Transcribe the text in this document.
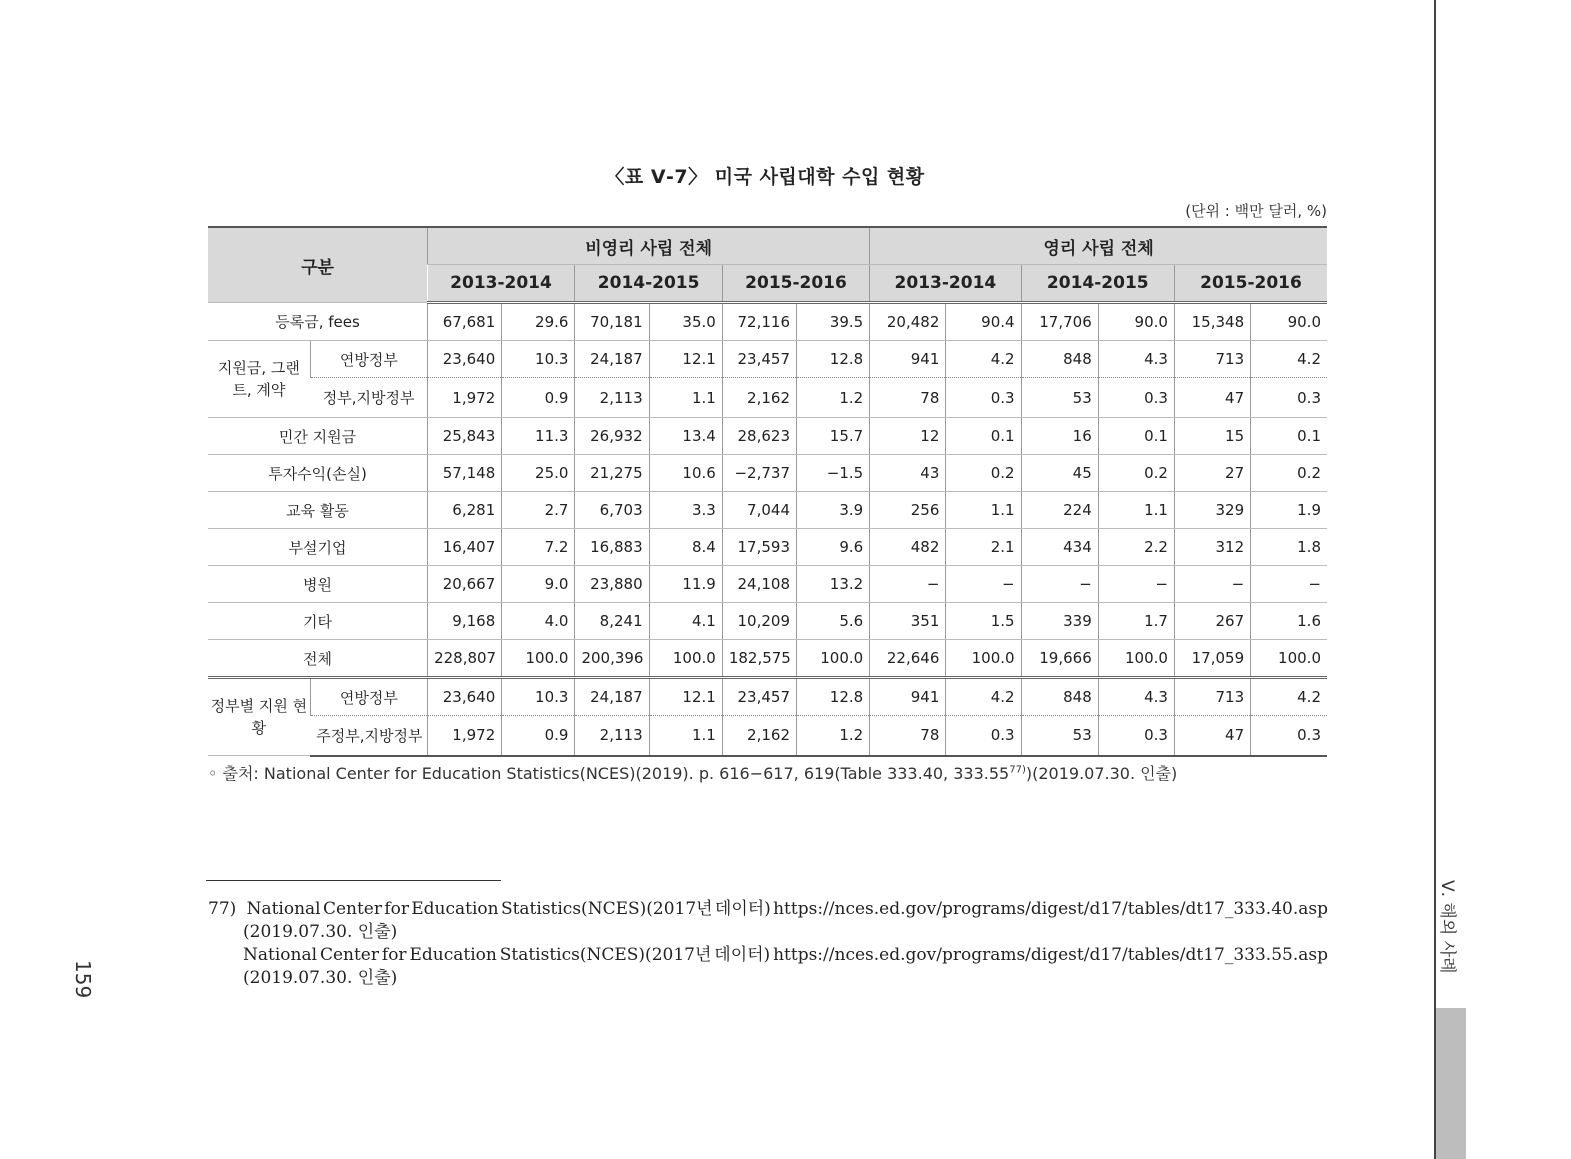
〈표 Ⅴ-7〉 미국 사립대학 수입 현황
(단위 : 백만 달러, %)
구분		비영리 사립 전체						영리 사립 전체					
		2013-2014		2014-2015		2015-2016		2013-2014		2014-2015		2015-2016	
등록금, fees		67,681	29.6	70,181	35.0	72,116	39.5	20,482	90.4	17,706	90.0	15,348	90.0
지원금, 그랜트, 계약	연방정부	23,640	10.3	24,187	12.1	23,457	12.8	941	4.2	848	4.3	713	4.2
	정부,지방정부	1,972	0.9	2,113	1.1	2,162	1.2	78	0.3	53	0.3	47	0.3
민간 지원금		25,843	11.3	26,932	13.4	28,623	15.7	12	0.1	16	0.1	15	0.1
투자수익(손실)		57,148	25.0	21,275	10.6	−2,737	−1.5	43	0.2	45	0.2	27	0.2
교육 활동		6,281	2.7	6,703	3.3	7,044	3.9	256	1.1	224	1.1	329	1.9
부설기업		16,407	7.2	16,883	8.4	17,593	9.6	482	2.1	434	2.2	312	1.8
병원		20,667	9.0	23,880	11.9	24,108	13.2	−	−	−	−	−	−
기타		9,168	4.0	8,241	4.1	10,209	5.6	351	1.5	339	1.7	267	1.6
전체		228,807	100.0	200,396	100.0	182,575	100.0	22,646	100.0	19,666	100.0	17,059	100.0
정부별 지원 현황	연방정부	23,640	10.3	24,187	12.1	23,457	12.8	941	4.2	848	4.3	713	4.2
	주정부,지방정부	1,972	0.9	2,113	1.1	2,162	1.2	78	0.3	53	0.3	47	0.3
◦ 출처: National Center for Education Statistics(NCES)(2019). p. 616−617, 619(Table 333.40, 333.55$^{77)}$)(2019.07.30. 인출)
77) National Center for Education Statistics(NCES)(2017년 데이터) https://nces.ed.gov/programs/digest/d17/tables/dt17_333.40.asp
(2019.07.30. 인출)
National Center for Education Statistics(NCES)(2017년 데이터) https://nces.ed.gov/programs/digest/d17/tables/dt17_333.55.asp
(2019.07.30. 인출)
159
Ⅴ. 해외 사례
